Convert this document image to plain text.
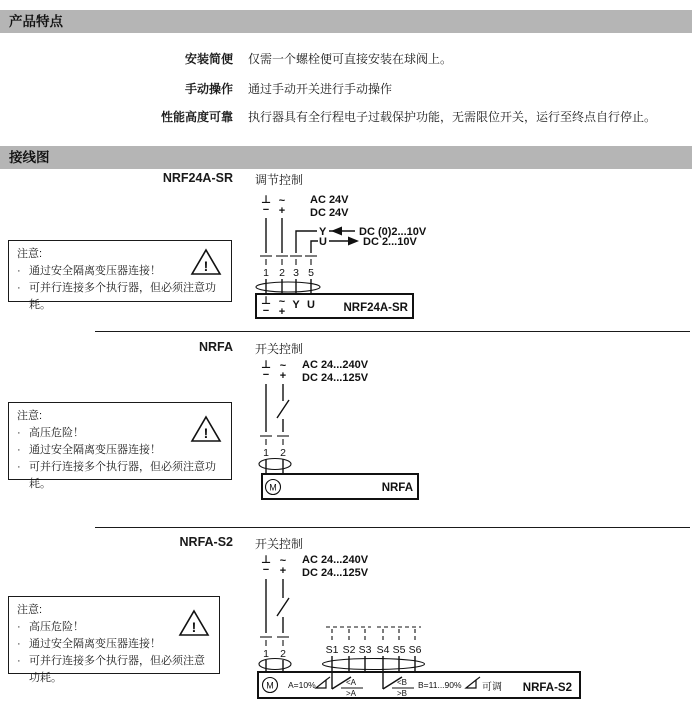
产品特点
安装简便 仅需一个螺栓便可直接安装在球阀上。
手动操作 通过手动开关进行手动操作
性能高度可靠 执行器具有全行程电子过载保护功能，无需限位开关，运行至终点自行停止。
接线图
NRF24A-SR 调节控制
注意:
· 通过安全隔离变压器连接！
· 可并行连接多个执行器，但必须注意功耗。
!
⊥
−
~
+
AC 24V
DC 24V
Y	DC (0)2...10V
U	DC 2...10V
1 2 3 5
⊥
−
~
+
Y U NRF24A-SR
NRFA 开关控制
注意:
· 高压危险！
· 通过安全隔离变压器连接！
· 可并行连接多个执行器，但必须注意功耗。
!
⊥
−
~
+
AC 24...240V
DC 24...125V
1 2
M	NRFA
NRFA-S2 开关控制
注意:
· 高压危险！
· 通过安全隔离变压器连接！
· 可并行连接多个执行器，但必须注意功耗。
!
⊥
−
~
+
AC 24...240V
DC 24...125V
1 2	S1 S2 S3 S4 S5 S6
M A=10%	<A
>A
<B
>B
B=11...90% 可调 NRFA-S2
